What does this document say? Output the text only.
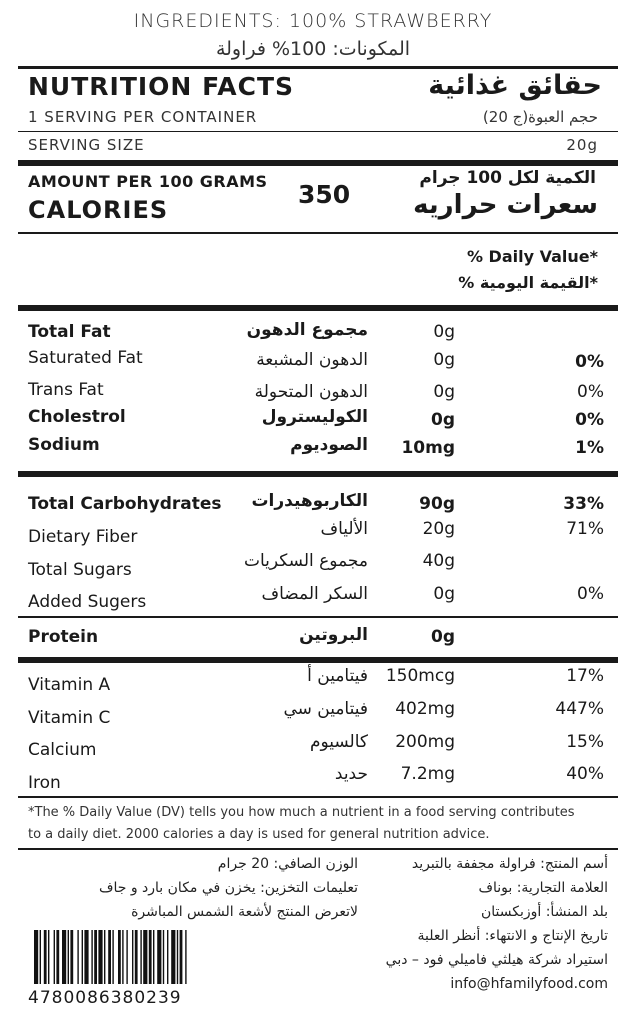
INGREDIENTS: 100% STRAWBERRY
المكونات: 100% فراولة
NUTRITION FACTS	حقائق غذائية
1 SERVING PER CONTAINER	حجم العبوة(ج 20)
SERVING SIZE	20g
AMOUNT PER 100 GRAMS
CALORIES
350
الكمية لكل 100 جرام
سعرات حراريه
% Daily Value*
*القيمة اليومية %
Total Fat	مجموع الدهون	0g
Saturated Fat	الدهون المشبعة	0g	0%
Trans Fat	الدهون المتحولة	0g	0%
Cholestrol	الكوليسترول	0g	0%
Sodium	الصوديوم	10mg	1%
Total Carbohydrates	الكاربوهيدرات	90g	33%
Dietary Fiber	الألياف	20g	71%
Total Sugars	مجموع السكريات	40g
Added Sugers	السكر المضاف	0g	0%
Protein	البروتين	0g
Vitamin A	فيتامين أ	150mcg	17%
Vitamin C	فيتامين سي	402mg	447%
Calcium	كالسيوم	200mg	15%
Iron	حديد	7.2mg	40%
*The % Daily Value (DV) tells you how much a nutrient in a food serving contributes
to a daily diet. 2000 calories a day is used for general nutrition advice.
الوزن الصافي: 20 جرام
تعليمات التخزين: يخزن في مكان بارد و جاف
لاتعرض المنتج لأشعة الشمس المباشرة
أسم المنتج: فراولة مجففة بالتبريد
العلامة التجارية: بوناف
بلد المنشأ: أوزبكستان
تاريخ الإنتاج و الانتهاء: أنظر العلبة
استيراد شركة هيلثي فاميلي فود – دبي
info@hfamilyfood.com
4780086380239
